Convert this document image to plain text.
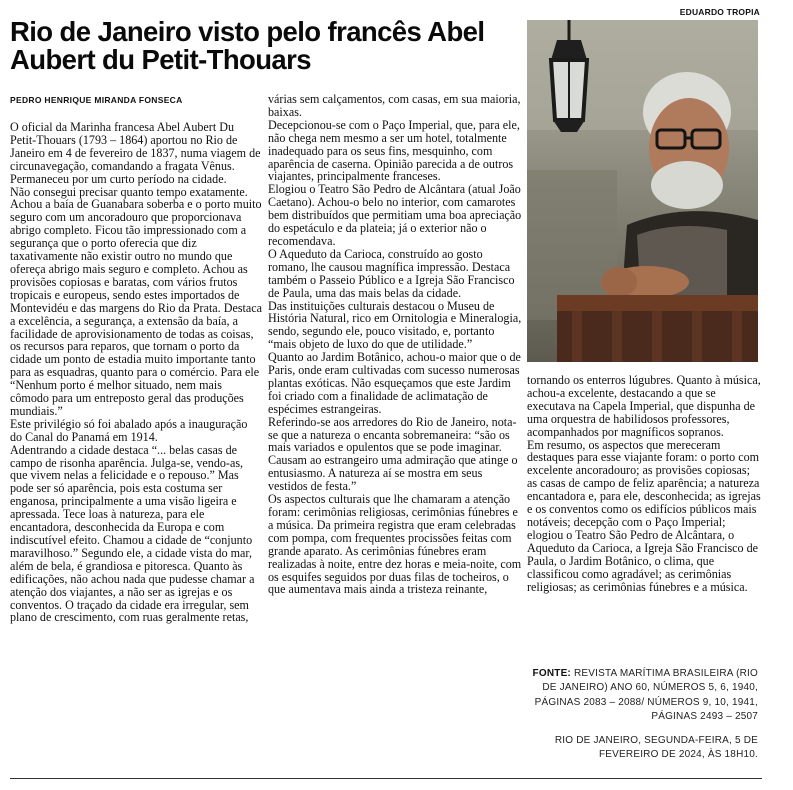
EDUARDO TROPIA
Rio de Janeiro visto pelo francês Abel Aubert du Petit-Thouars
PEDRO HENRIQUE MIRANDA FONSECA

O oficial da Marinha francesa Abel Aubert Du Petit-Thouars (1793 – 1864) aportou no Rio de Janeiro em 4 de fevereiro de 1837, numa viagem de circunavegação, comandando a fragata Vênus. Permaneceu por um curto período na cidade.

Não consegui precisar quanto tempo exatamente.

Achou a baía de Guanabara soberba e o porto muito seguro com um ancoradouro que proporcionava abrigo completo. Ficou tão impressionado com a segurança que o porto oferecia que diz taxativamente não existir outro no mundo que ofereça abrigo mais seguro e completo. Achou as provisões copiosas e baratas, com vários frutos tropicais e europeus, sendo estes importados de Montevidéu e das margens do Rio da Prata. Destaca a excelência, a segurança, a extensão da baía, a facilidade de aprovisionamento de todas as coisas, os recursos para reparos, que tornam o porto da cidade um ponto de estadia muito importante tanto para as esquadras, quanto para o comércio. Para ele “Nenhum porto é melhor situado, nem mais cômodo para um entreposto geral das produções mundiais.”

Este privilégio só foi abalado após a inauguração do Canal do Panamá em 1914.

Adentrando a cidade destaca “... belas casas de campo de risonha aparência. Julga-se, vendo-as, que vivem nelas a felicidade e o repouso.” Mas pode ser só aparência, pois esta costuma ser enganosa, principalmente a uma visão ligeira e apressada. Tece loas à natureza, para ele encantadora, desconhecida da Europa e com indiscutível efeito. Chamou a cidade de “conjunto maravilhoso.” Segundo ele, a cidade vista do mar, além de bela, é grandiosa e pitoresca. Quanto às edificações, não achou nada que pudesse chamar a atenção dos viajantes, a não ser as igrejas e os conventos. O traçado da cidade era irregular, sem plano de crescimento, com ruas geralmente retas,

várias sem calçamentos, com casas, em sua maioria, baixas.

Decepcionou-se com o Paço Imperial, que, para ele, não chega nem mesmo a ser um hotel, totalmente inadequado para os seus fins, mesquinho, com aparência de caserna. Opinião parecida a de outros viajantes, principalmente franceses.

Elogiou o Teatro São Pedro de Alcântara (atual João Caetano). Achou-o belo no interior, com camarotes bem distribuídos que permitiam uma boa apreciação do espetáculo e da plateia; já o exterior não o recomendava.

O Aqueduto da Carioca, construído ao gosto romano, lhe causou magnífica impressão. Destaca também o Passeio Público e a Igreja São Francisco de Paula, uma das mais belas da cidade.

Das instituições culturais destacou o Museu de História Natural, rico em Ornitologia e Mineralogia, sendo, segundo ele, pouco visitado, e, portanto “mais objeto de luxo do que de utilidade.”

Quanto ao Jardim Botânico, achou-o maior que o de Paris, onde eram cultivadas com sucesso numerosas plantas exóticas. Não esqueçamos que este Jardim foi criado com a finalidade de aclimatação de espécimes estrangeiras.

Referindo-se aos arredores do Rio de Janeiro, nota-se que a natureza o encanta sobremaneira: “são os mais variados e opulentos que se pode imaginar. Causam ao estrangeiro uma admiração que atinge o entusiasmo. A natureza aí se mostra em seus vestidos de festa.”

Os aspectos culturais que lhe chamaram a atenção foram: cerimônias religiosas, cerimônias fúnebres e a música. Da primeira registra que eram celebradas com pompa, com frequentes procissões feitas com grande aparato. As cerimônias fúnebres eram realizadas à noite, entre dez horas e meia-noite, com os esquifes seguidos por duas filas de tocheiros, o que aumentava mais ainda a tristeza reinante,

tornando os enterros lúgubres. Quanto à música, achou-a excelente, destacando a que se executava na Capela Imperial, que dispunha de uma orquestra de habilidosos professores, acompanhados por magníficos sopranos.

Em resumo, os aspectos que mereceram destaques para esse viajante foram: o porto com excelente ancoradouro; as provisões copiosas; as casas de campo de feliz aparência; a natureza encantadora e, para ele, desconhecida; as igrejas e os conventos como os edifícios públicos mais notáveis; decepção com o Paço Imperial; elogiou o Teatro São Pedro de Alcântara, o Aqueduto da Carioca, a Igreja São Francisco de Paula, o Jardim Botânico, o clima, que classificou como agradável; as cerimônias religiosas; as cerimônias fúnebres e a música.

FONTE: REVISTA MARÍTIMA BRASILEIRA (RIO DE JANEIRO) ANO 60, NÚMEROS 5, 6, 1940, PÁGINAS 2083 – 2088/ NÚMEROS 9, 10, 1941, PÁGINAS 2493 – 2507
RIO DE JANEIRO, SEGUNDA-FEIRA, 5 DE FEVEREIRO DE 2024, ÀS 18H10.
